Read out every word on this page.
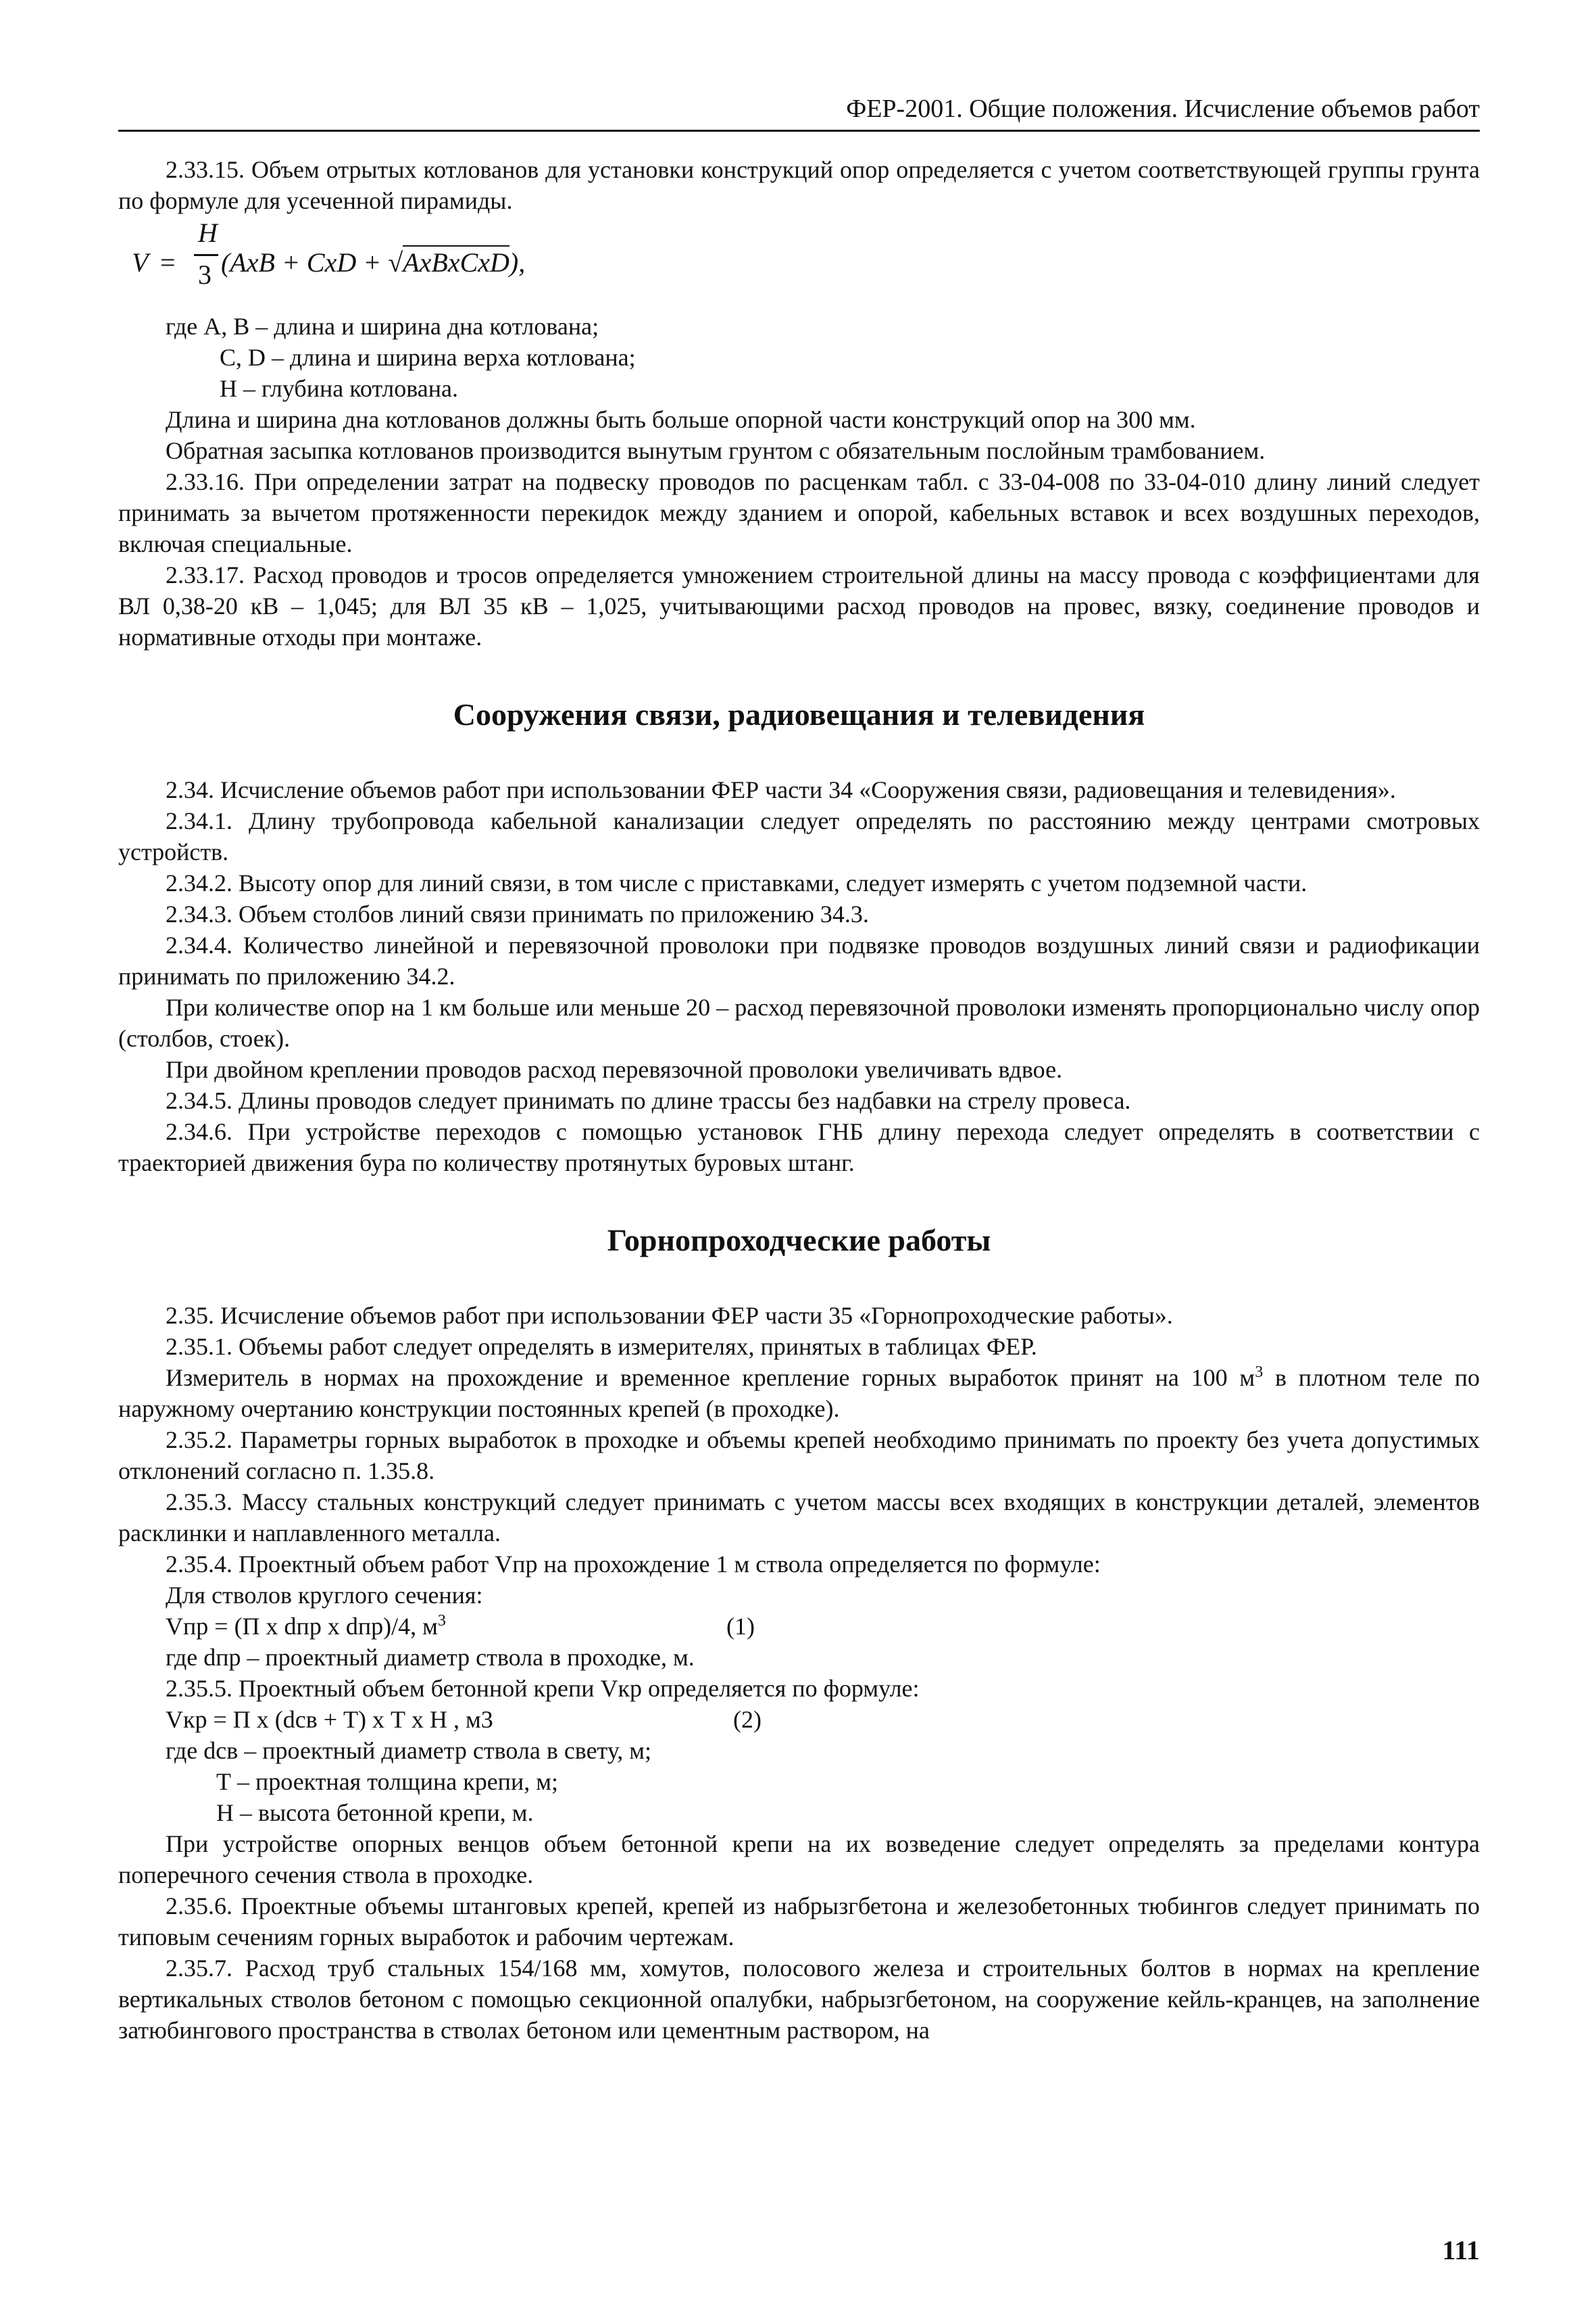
ФЕР-2001. Общие положения. Исчисление объемов работ

2.33.15. Объем отрытых котлованов для установки конструкций опор определяется с учетом соответствующей группы грунта по формуле для усеченной пирамиды.

V =
H
3 (AxB + CxD + √AxBxCxD),

где А, В – длина и ширина дна котлована;

С, D – длина и ширина верха котлована;

Н – глубина котлована.

Длина и ширина дна котлованов должны быть больше опорной части конструкций опор на 300 мм.

Обратная засыпка котлованов производится вынутым грунтом с обязательным послойным трамбованием.

2.33.16. При определении затрат на подвеску проводов по расценкам табл. с 33-04-008 по 33-04-010 длину линий следует принимать за вычетом протяженности перекидок между зданием и опорой, кабельных вставок и всех воздушных переходов, включая специальные.

2.33.17. Расход проводов и тросов определяется умножением строительной длины на массу провода с коэффициентами для ВЛ 0,38-20 кВ – 1,045; для ВЛ 35 кВ – 1,025, учитывающими расход проводов на провес, вязку, соединение проводов и нормативные отходы при монтаже.

Сооружения связи, радиовещания и телевидения

2.34. Исчисление объемов работ при использовании ФЕР части 34 «Сооружения связи, радиовещания и телевидения».

2.34.1. Длину трубопровода кабельной канализации следует определять по расстоянию между центрами смотровых устройств.

2.34.2. Высоту опор для линий связи, в том числе с приставками, следует измерять с учетом подземной части.

2.34.3. Объем столбов линий связи принимать по приложению 34.3.

2.34.4. Количество линейной и перевязочной проволоки при подвязке проводов воздушных линий связи и радиофикации принимать по приложению 34.2.

При количестве опор на 1 км больше или меньше 20 – расход перевязочной проволоки изменять пропорционально числу опор (столбов, стоек).

При двойном креплении проводов расход перевязочной проволоки увеличивать вдвое.

2.34.5. Длины проводов следует принимать по длине трассы без надбавки на стрелу провеса.

2.34.6. При устройстве переходов с помощью установок ГНБ длину перехода следует определять в соответствии с траекторией движения бура по количеству протянутых буровых штанг.

Горнопроходческие работы

2.35. Исчисление объемов работ при использовании ФЕР части 35 «Горнопроходческие работы».

2.35.1. Объемы работ следует определять в измерителях, принятых в таблицах ФЕР.

Измеритель в нормах на прохождение и временное крепление горных выработок принят на 100 $м^3$ в плотном теле по наружному очертанию конструкции постоянных крепей (в проходке).

2.35.2. Параметры горных выработок в проходке и объемы крепей необходимо принимать по проекту без учета допустимых отклонений согласно п. 1.35.8.

2.35.3. Массу стальных конструкций следует принимать с учетом массы всех входящих в конструкции деталей, элементов расклинки и наплавленного металла.

2.35.4. Проектный объем работ Vпр на прохождение 1 м ствола определяется по формуле:

Для стволов круглого сечения:

Vпр = (П x dпр x dпр)/4, $м^3$	(1)

где dпр – проектный диаметр ствола в проходке, м.

2.35.5. Проектный объем бетонной крепи Vкр определяется по формуле:

Vкр = П x (dсв + Т) x Т x Н , м3	(2)

где dсв – проектный диаметр ствола в свету, м;

Т – проектная толщина крепи, м;

Н – высота бетонной крепи, м.

При устройстве опорных венцов объем бетонной крепи на их возведение следует определять за пределами контура поперечного сечения ствола в проходке.

2.35.6. Проектные объемы штанговых крепей, крепей из набрызгбетона и железобетонных тюбингов следует принимать по типовым сечениям горных выработок и рабочим чертежам.

2.35.7. Расход труб стальных 154/168 мм, хомутов, полосового железа и строительных болтов в нормах на крепление вертикальных стволов бетоном с помощью секционной опалубки, набрызгбетоном, на сооружение кейль-кранцев, на заполнение затюбингового пространства в стволах бетоном или цементным раствором, на

111
